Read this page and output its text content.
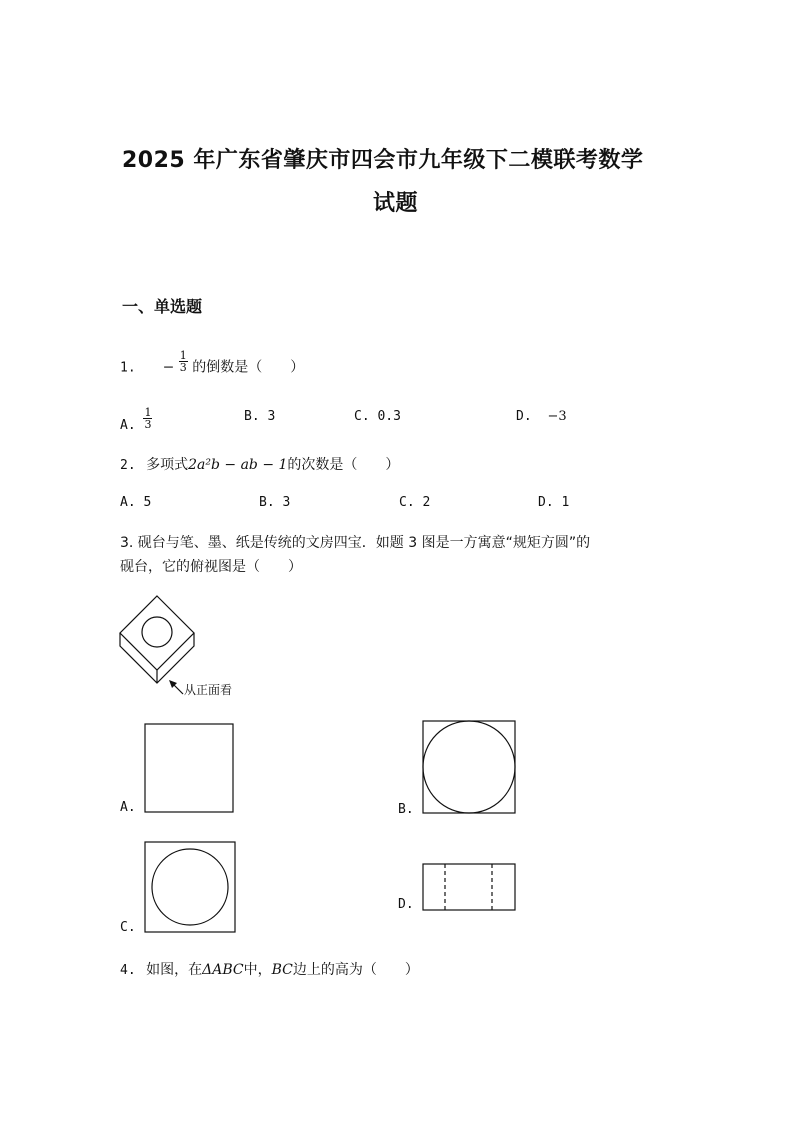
2025 年广东省肇庆市四会市九年级下二模联考数学
试题
一、单选题
1. − $\frac{1}{3}$ 的倒数是（　　）
A. $\frac{1}{3}$	B. 3	C. 0.3	D. −3
2. 多项式2a²b − ab − 1的次数是（　　）
A. 5	B. 3	C. 2	D. 1
3. 砚台与笔、墨、纸是传统的文房四宝．如题 3 图是一方寓意“规矩方圆”的
砚台，它的俯视图是（　　）
从正面看
A.	B.
C.
D.
4. 如图，在ΔABC中，BC边上的高为（　　）
